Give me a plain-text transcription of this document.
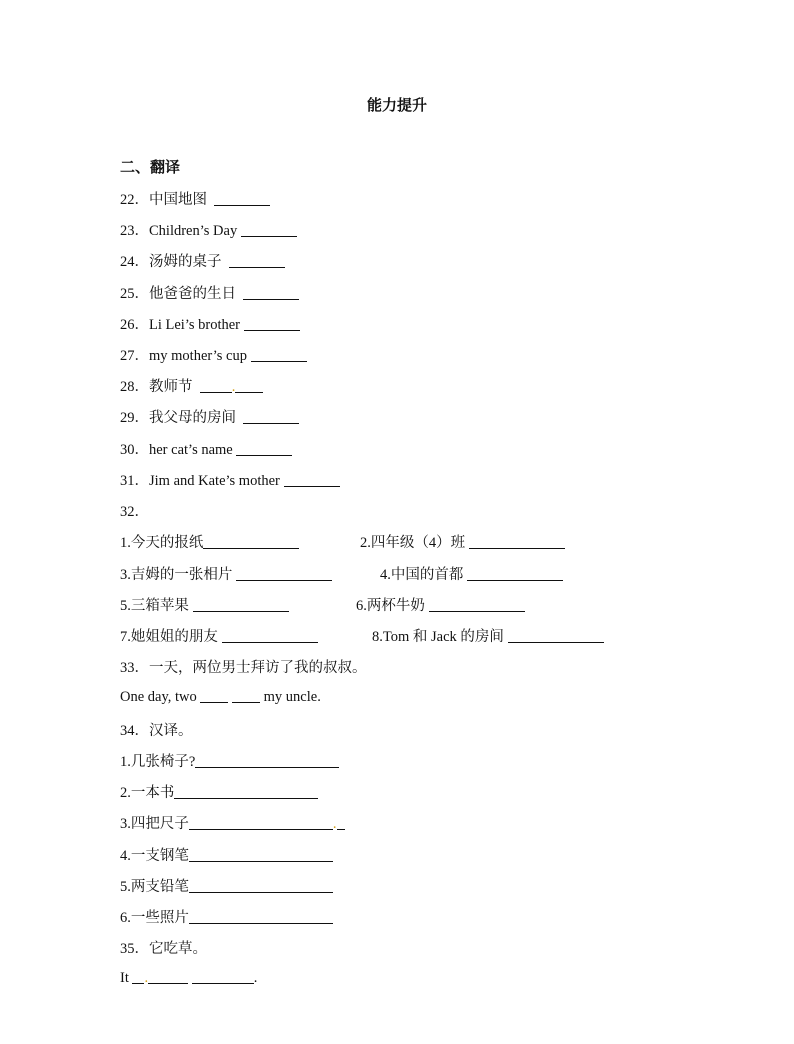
能力提升
二、翻译
22．中国地图
23．Children’s Day
24．汤姆的桌子
25．他爸爸的生日
26．Li Lei’s brother
27．my mother’s cup
28．教师节	.
29．我父母的房间
30．her cat’s name
31．Jim and Kate’s mother
32．
1.今天的报纸	2.四年级（4）班
3.吉姆的一张相片	4.中国的首都
5.三箱苹果	6.两杯牛奶
7.她姐姐的朋友	8.Tom 和 Jack 的房间
33．一天，两位男士拜访了我的叔叔。
One day, two	my uncle.
34．汉译。
1.几张椅子?
2.一本书
3.四把尺子	.
4.一支钢笔
5.两支铅笔
6.一些照片
35．它吃草。
It .	.
